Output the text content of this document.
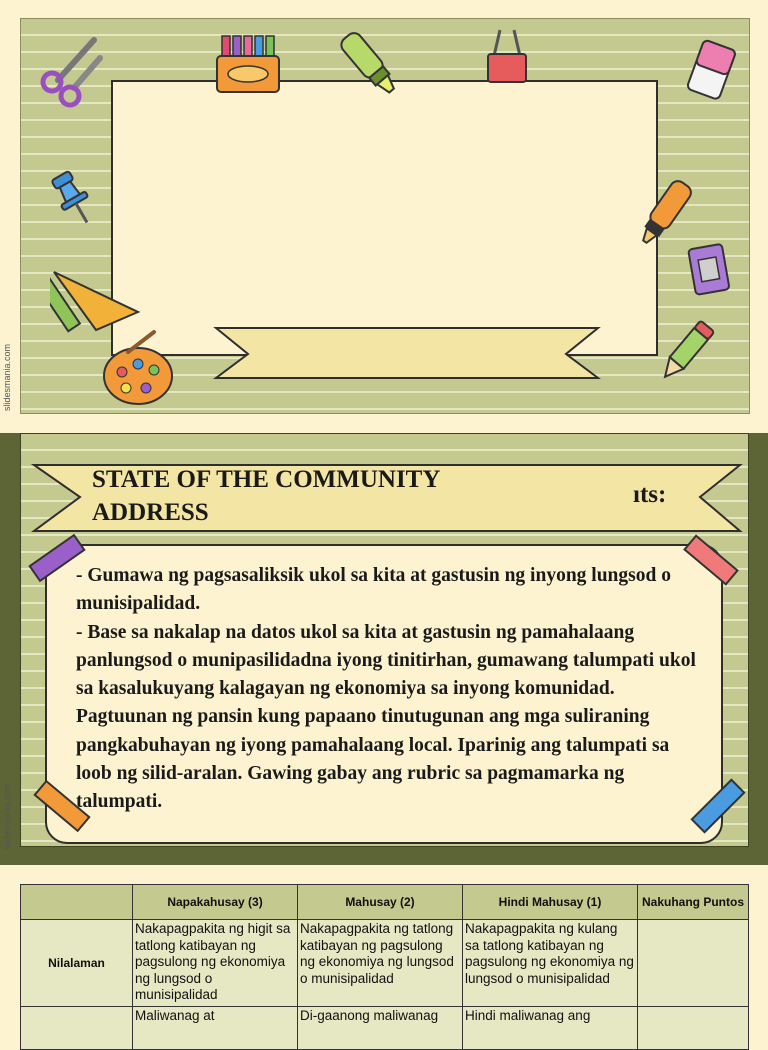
slidesmania.com
slidesmania.com
STATE OF THE COMMUNITY ADDRESS
ıts:
- Gumawa ng pagsasaliksik ukol sa kita at gastusin ng inyong lungsod o munisipalidad.
- Base sa nakalap na datos ukol sa kita at gastusin ng pamahalaang panlungsod o munipasilidadna iyong tinitirhan, gumawang talumpati ukol sa kasalukuyang kalagayan ng ekonomiya sa inyong komunidad. Pagtuunan ng pansin kung papaano tinutugunan ang mga suliraning pangkabuhayan ng iyong pamahalaang local. Iparinig ang talumpati sa loob ng silid-aralan. Gawing gabay ang rubric sa pagmamarka ng talumpati.
	Napakahusay (3)	Mahusay (2)	Hindi Mahusay (1)	Nakuhang Puntos
Nilalaman	Nakapagpakita ng higit sa tatlong katibayan ng pagsulong ng ekonomiya ng lungsod o munisipalidad	Nakapagpakita ng tatlong katibayan ng pagsulong ng ekonomiya ng lungsod o munisipalidad	Nakapagpakita ng kulang sa tatlong katibayan ng pagsulong ng ekonomiya ng lungsod o munisipalidad	
	Maliwanag at	Di-gaanong maliwanag	Hindi maliwanag ang	
